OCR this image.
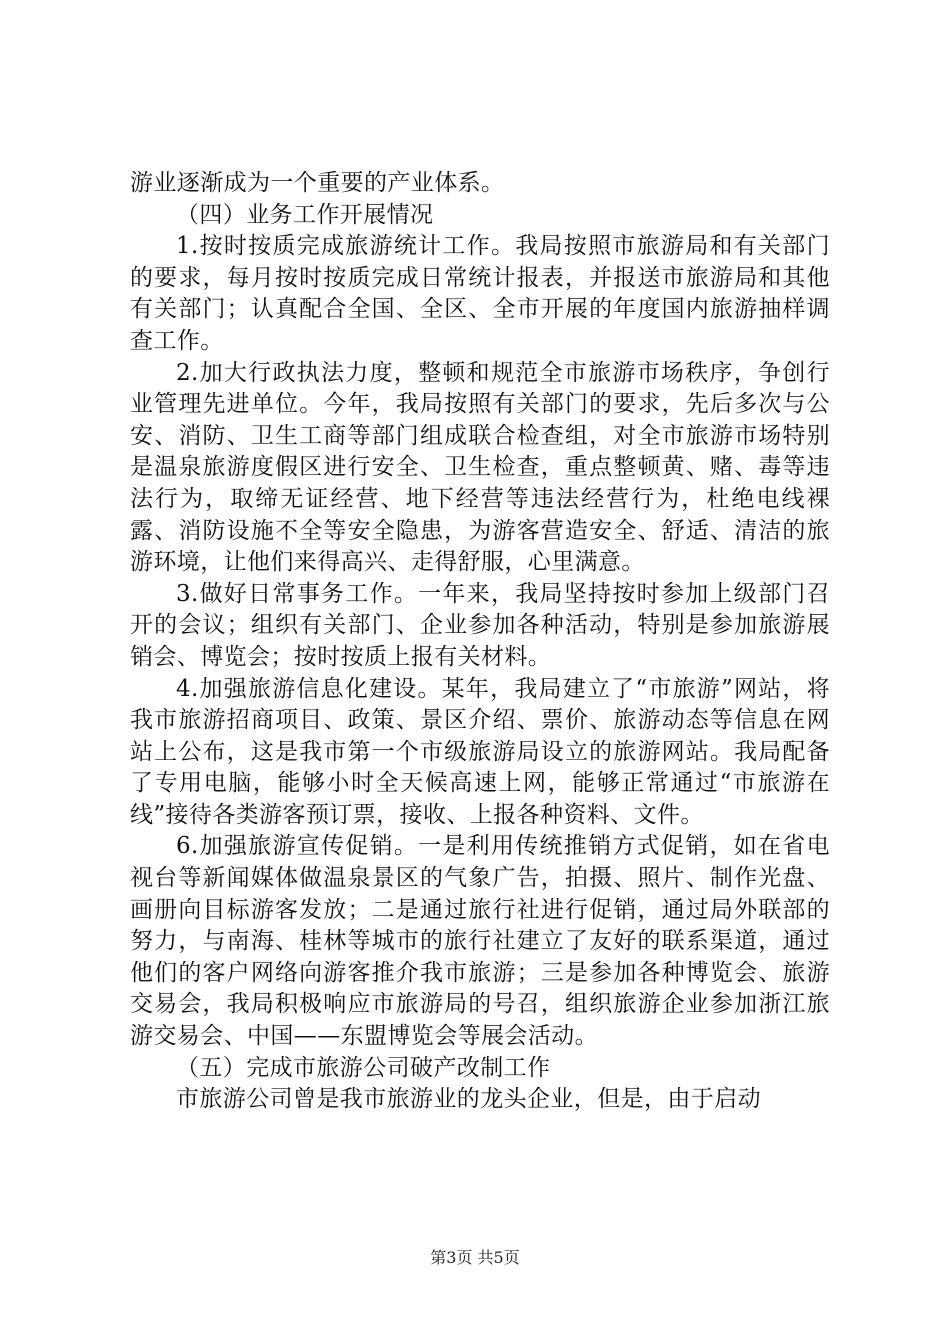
游业逐渐成为一个重要的产业体系。

（四）业务工作开展情况

1.按时按质完成旅游统计工作。我局按照市旅游局和有关部门的要求，每月按时按质完成日常统计报表，并报送市旅游局和其他有关部门；认真配合全国、全区、全市开展的年度国内旅游抽样调查工作。

2.加大行政执法力度，整顿和规范全市旅游市场秩序，争创行业管理先进单位。今年，我局按照有关部门的要求，先后多次与公安、消防、卫生工商等部门组成联合检查组，对全市旅游市场特别是温泉旅游度假区进行安全、卫生检查，重点整顿黄、赌、毒等违法行为，取缔无证经营、地下经营等违法经营行为，杜绝电线裸露、消防设施不全等安全隐患，为游客营造安全、舒适、清洁的旅游环境，让他们来得高兴、走得舒服，心里满意。

3.做好日常事务工作。一年来，我局坚持按时参加上级部门召开的会议；组织有关部门、企业参加各种活动，特别是参加旅游展销会、博览会；按时按质上报有关材料。

4.加强旅游信息化建设。某年，我局建立了“市旅游”网站，将我市旅游招商项目、政策、景区介绍、票价、旅游动态等信息在网站上公布，这是我市第一个市级旅游局设立的旅游网站。我局配备了专用电脑，能够小时全天候高速上网，能够正常通过“市旅游在线”接待各类游客预订票，接收、上报各种资料、文件。

6.加强旅游宣传促销。一是利用传统推销方式促销，如在省电视台等新闻媒体做温泉景区的气象广告，拍摄、照片、制作光盘、画册向目标游客发放；二是通过旅行社进行促销，通过局外联部的努力，与南海、桂林等城市的旅行社建立了友好的联系渠道，通过他们的客户网络向游客推介我市旅游；三是参加各种博览会、旅游交易会，我局积极响应市旅游局的号召，组织旅游企业参加浙江旅游交易会、中国——东盟博览会等展会活动。

（五）完成市旅游公司破产改制工作

市旅游公司曾是我市旅游业的龙头企业，但是，由于启动

第3页 共5页
